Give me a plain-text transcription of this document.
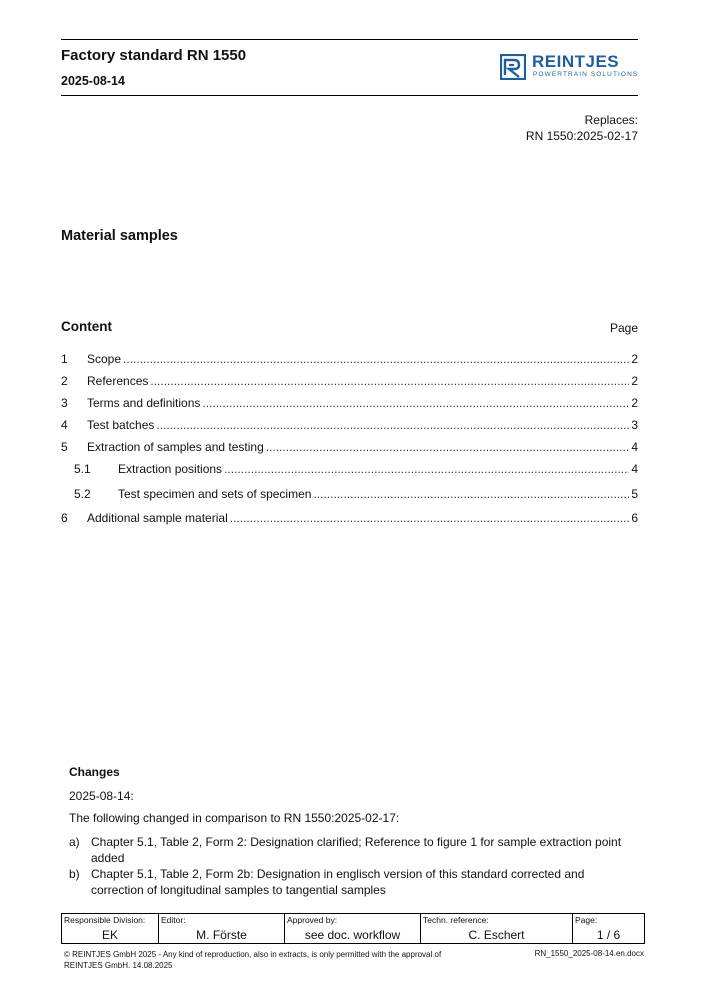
Factory standard RN 1550
2025-08-14
REINTJES
POWERTRAIN SOLUTIONS
Replaces:
RN 1550:2025-02-17
Material samples
Content	Page
1	Scope .....	2
2	References .....	2
3	Terms and definitions .....	2
4	Test batches .....	3
5	Extraction of samples and testing .....	4
5.1	Extraction positions .....	4
5.2	Test specimen and sets of specimen .....	5
6	Additional sample material .....	6
Changes
2025-08-14:
The following changed in comparison to RN 1550:2025-02-17:
a) Chapter 5.1, Table 2, Form 2: Designation clarified; Reference to figure 1 for sample extraction point added
b) Chapter 5.1, Table 2, Form 2b: Designation in englisch version of this standard corrected and correction of longitudinal samples to tangential samples
Responsible Division:
EK
Editor:
M. Förste
Approved by:
see doc. workflow
Techn. reference:
C. Eschert
Page:
1 / 6
© REINTJES GmbH 2025 - Any kind of reproduction, also in extracts, is only permitted with the approval of REINTJES GmbH. 14.08.2025
RN_1550_2025-08-14.en.docx
